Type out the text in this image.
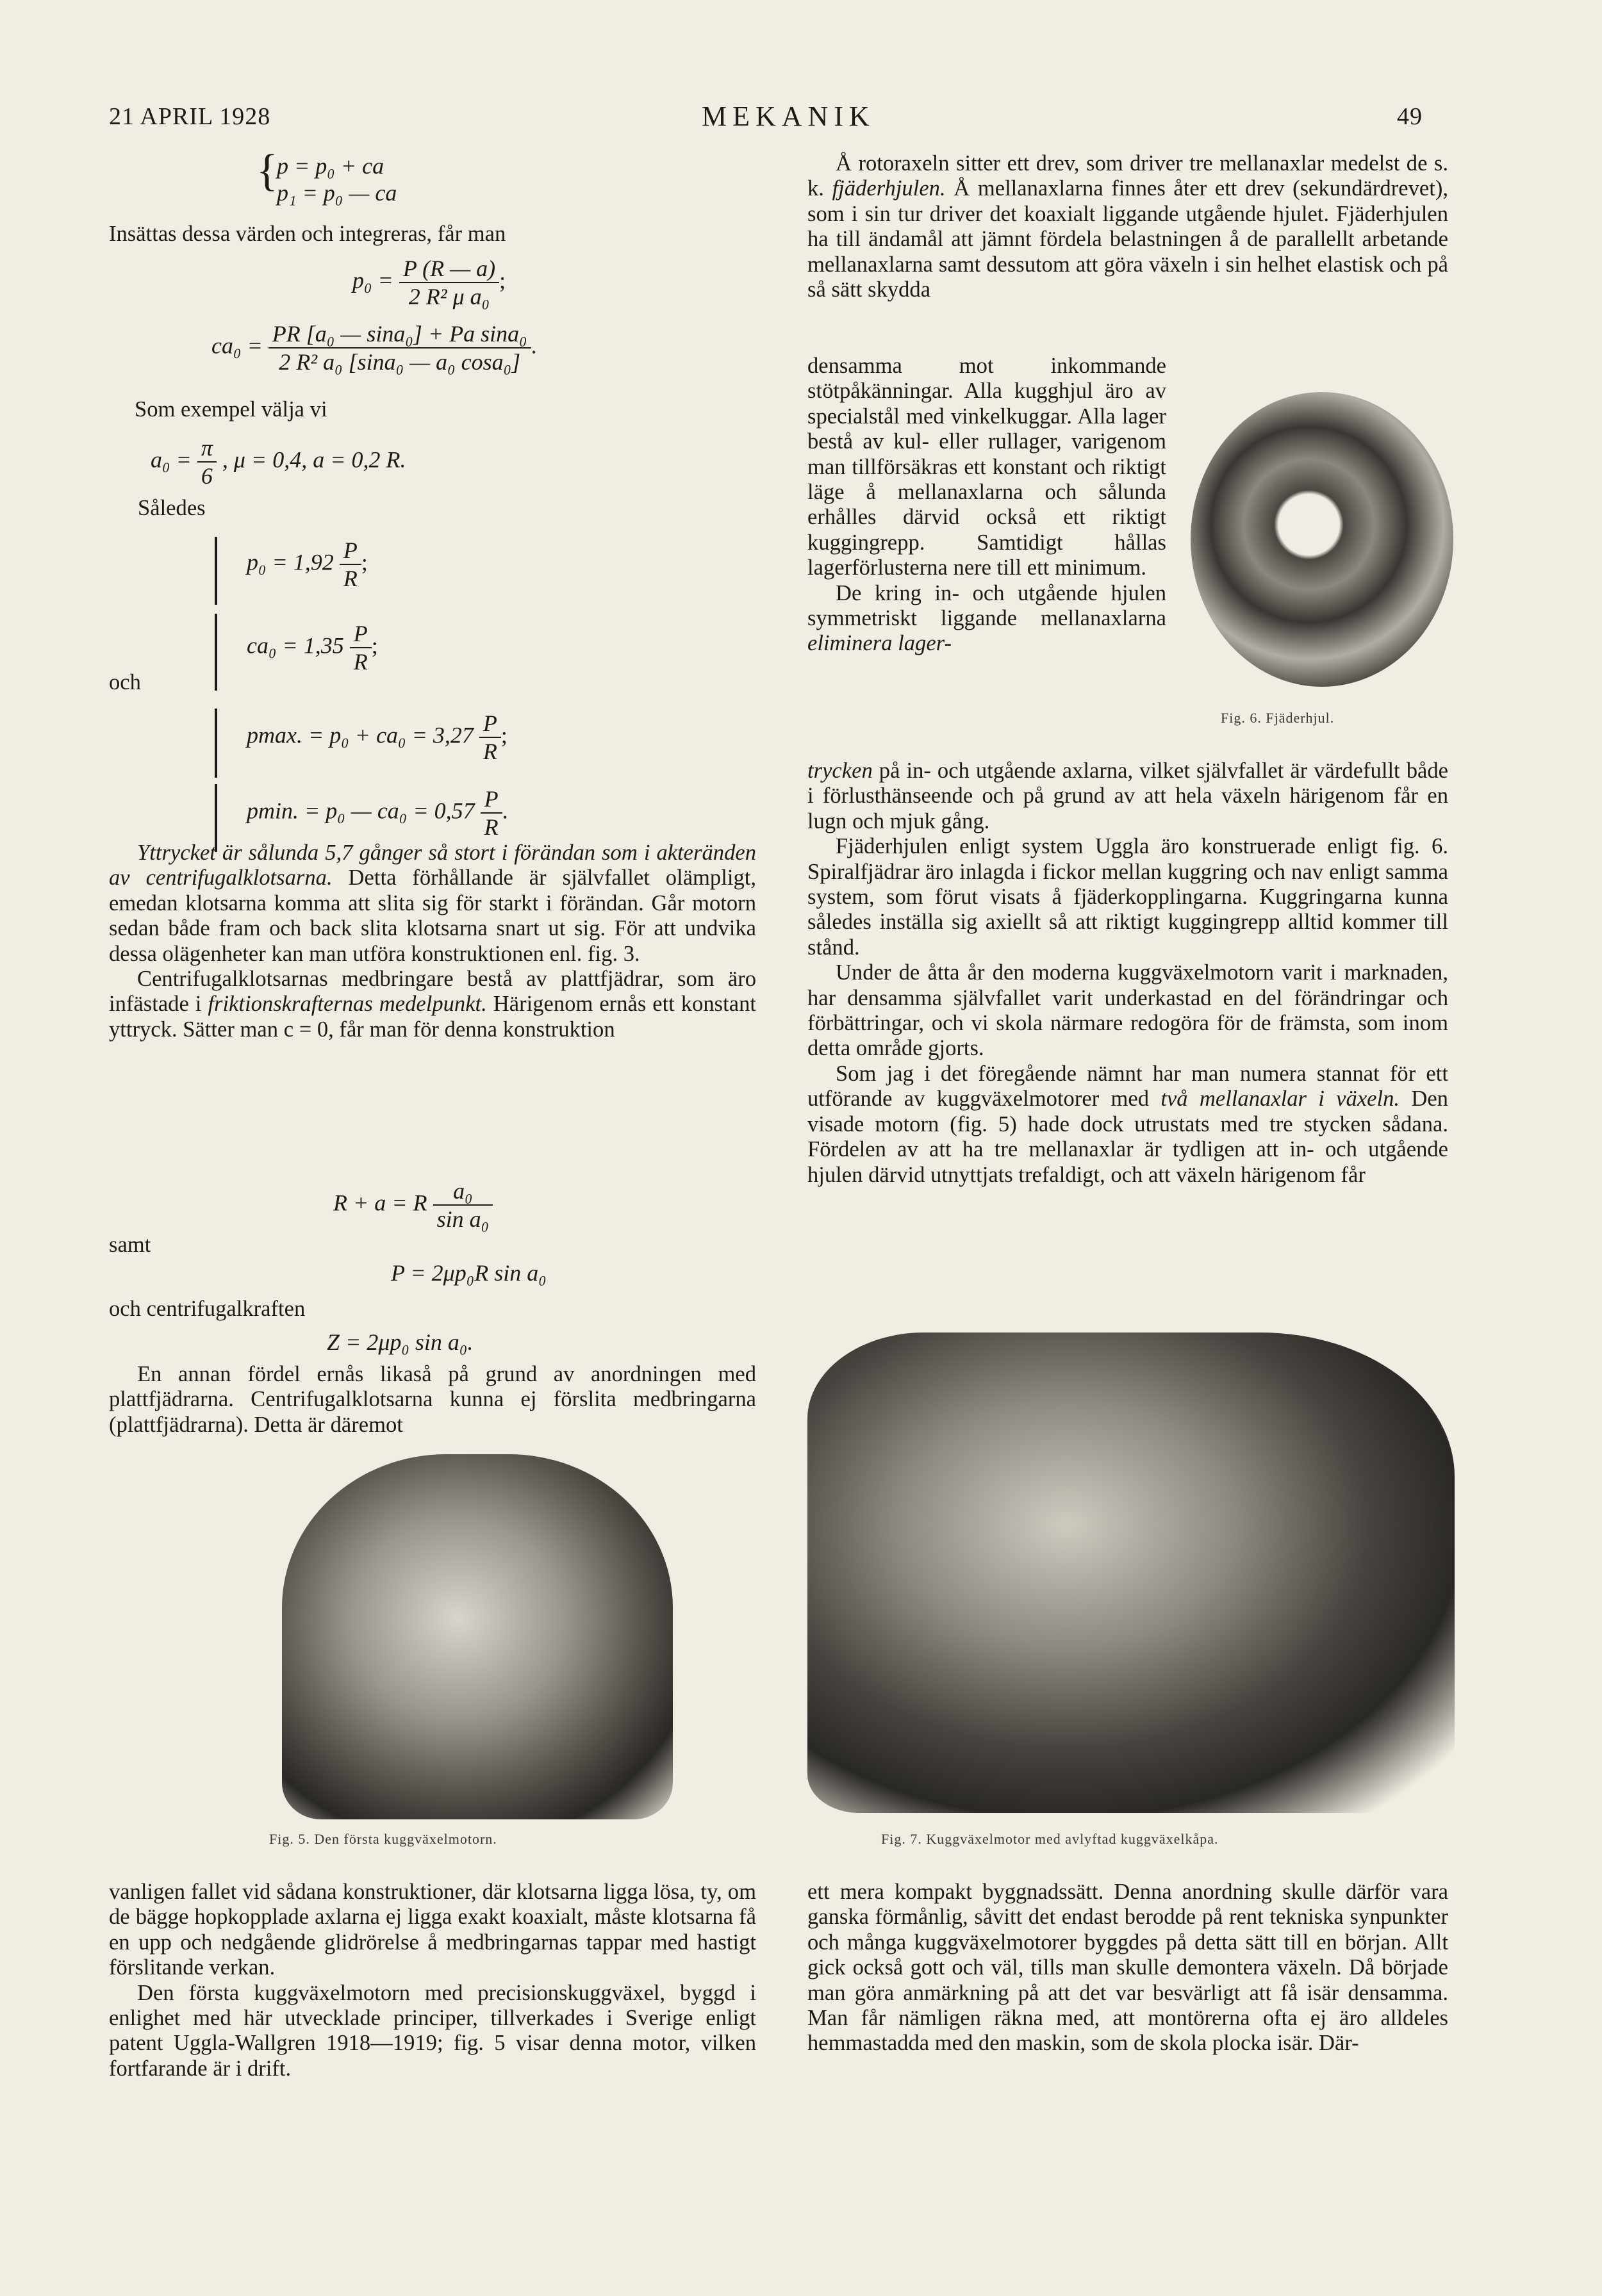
21 APRIL 1928	MEKANIK	49
{
p = p₀ + ca
p₁ = p₀ — ca
Insättas dessa värden och integreras, får man
$p_0 = \frac{P (R — a)}{\text{2 R² μ a₀}}$ ;
$ca_0 = \frac{\text{PR [a₀ — sina₀] + Pa sina₀}}{\text{2 R² a₀ [sina₀ — a₀ cosa₀]}}$ .
Som exempel välja vi
$a_0 = \frac{\pi}{6}$ , μ = 0,4, a = 0,2 R.
Således
$p_0 = 1,92 \frac{P}{R}$ ;
$ca_0 = 1,35 \frac{P}{R}$ ;
och
pmax. = $p_0 + ca_0 = 3,27 \frac{P}{R}$ ;
pmin. = p₀ — $ca_0 = 0,57 \frac{P}{R}$ .

Yttrycket är sålunda 5,7 gånger så stort i förändan som i akteränden av centrifugalklotsarna. Detta förhållande är självfallet olämpligt, emedan klotsarna komma att slita sig för starkt i förändan. Går motorn sedan både fram och back slita klotsarna snart ut sig. För att undvika dessa olägenheter kan man utföra konstruktionen enl. fig. 3.

Centrifugalklotsarnas medbringare bestå av plattfjädrar, som äro infästade i friktionskrafternas medelpunkt. Härigenom ernås ett konstant yttryck. Sätter man c = 0, får man för denna konstruktion

R + a = R $\frac{\text{a₀}}{\text{sin a₀}}$
samt
P = 2μp₀R sin a₀
och centrifugalkraften
Z = 2μp₀ sin a₀.

En annan fördel ernås likaså på grund av anordningen med plattfjädrarna. Centrifugalklotsarna kunna ej förslita medbringarna (plattfjädrarna). Detta är däremot

Fig. 5. Den första kuggväxelmotorn.

Å rotoraxeln sitter ett drev, som driver tre mellanaxlar medelst de s. k. fjäderhjulen. Å mellanaxlarna finnes åter ett drev (sekundärdrevet), som i sin tur driver det koaxialt liggande utgående hjulet. Fjäderhjulen ha till ändamål att jämnt fördela belastningen å de parallellt arbetande mellanaxlarna samt dessutom att göra växeln i sin helhet elastisk och på så sätt skydda

densamma mot inkommande stötpåkänningar. Alla kugghjul äro av specialstål med vinkelkuggar. Alla lager bestå av kul- eller rullager, varigenom man tillförsäkras ett konstant och riktigt läge å mellanaxlarna och sålunda erhålles därvid också ett riktigt kuggingrepp. Samtidigt hållas lagerförlusterna nere till ett minimum.

De kring in- och utgående hjulen symmetriskt liggande mellanaxlarna eliminera lager-

Fig. 6. Fjäderhjul.

trycken på in- och utgående axlarna, vilket självfallet är värdefullt både i förlusthänseende och på grund av att hela växeln härigenom får en lugn och mjuk gång.

Fjäderhjulen enligt system Uggla äro konstruerade enligt fig. 6. Spiralfjädrar äro inlagda i fickor mellan kuggring och nav enligt samma system, som förut visats å fjäderkopplingarna. Kuggringarna kunna således inställa sig axiellt så att riktigt kuggingrepp alltid kommer till stånd.

Under de åtta år den moderna kuggväxelmotorn varit i marknaden, har densamma självfallet varit underkastad en del förändringar och förbättringar, och vi skola närmare redogöra för de främsta, som inom detta område gjorts.

Som jag i det föregående nämnt har man numera stannat för ett utförande av kuggväxelmotorer med två mellanaxlar i växeln. Den visade motorn (fig. 5) hade dock utrustats med tre stycken sådana. Fördelen av att ha tre mellanaxlar är tydligen att in- och utgående hjulen därvid utnyttjats trefaldigt, och att växeln härigenom får

Fig. 7. Kuggväxelmotor med avlyftad kuggväxelkåpa.

vanligen fallet vid sådana konstruktioner, där klotsarna ligga lösa, ty, om de bägge hopkopplade axlarna ej ligga exakt koaxialt, måste klotsarna få en upp och nedgående glidrörelse å medbringarnas tappar med hastigt förslitande verkan.

Den första kuggväxelmotorn med precisionskuggväxel, byggd i enlighet med här utvecklade principer, tillverkades i Sverige enligt patent Uggla-Wallgren 1918—1919; fig. 5 visar denna motor, vilken fortfarande är i drift.

ett mera kompakt byggnadssätt. Denna anordning skulle därför vara ganska förmånlig, såvitt det endast berodde på rent tekniska synpunkter och många kuggväxelmotorer byggdes på detta sätt till en början. Allt gick också gott och väl, tills man skulle demontera växeln. Då började man göra anmärkning på att det var besvärligt att få isär densamma. Man får nämligen räkna med, att montörerna ofta ej äro alldeles hemmastadda med den maskin, som de skola plocka isär. Där-
